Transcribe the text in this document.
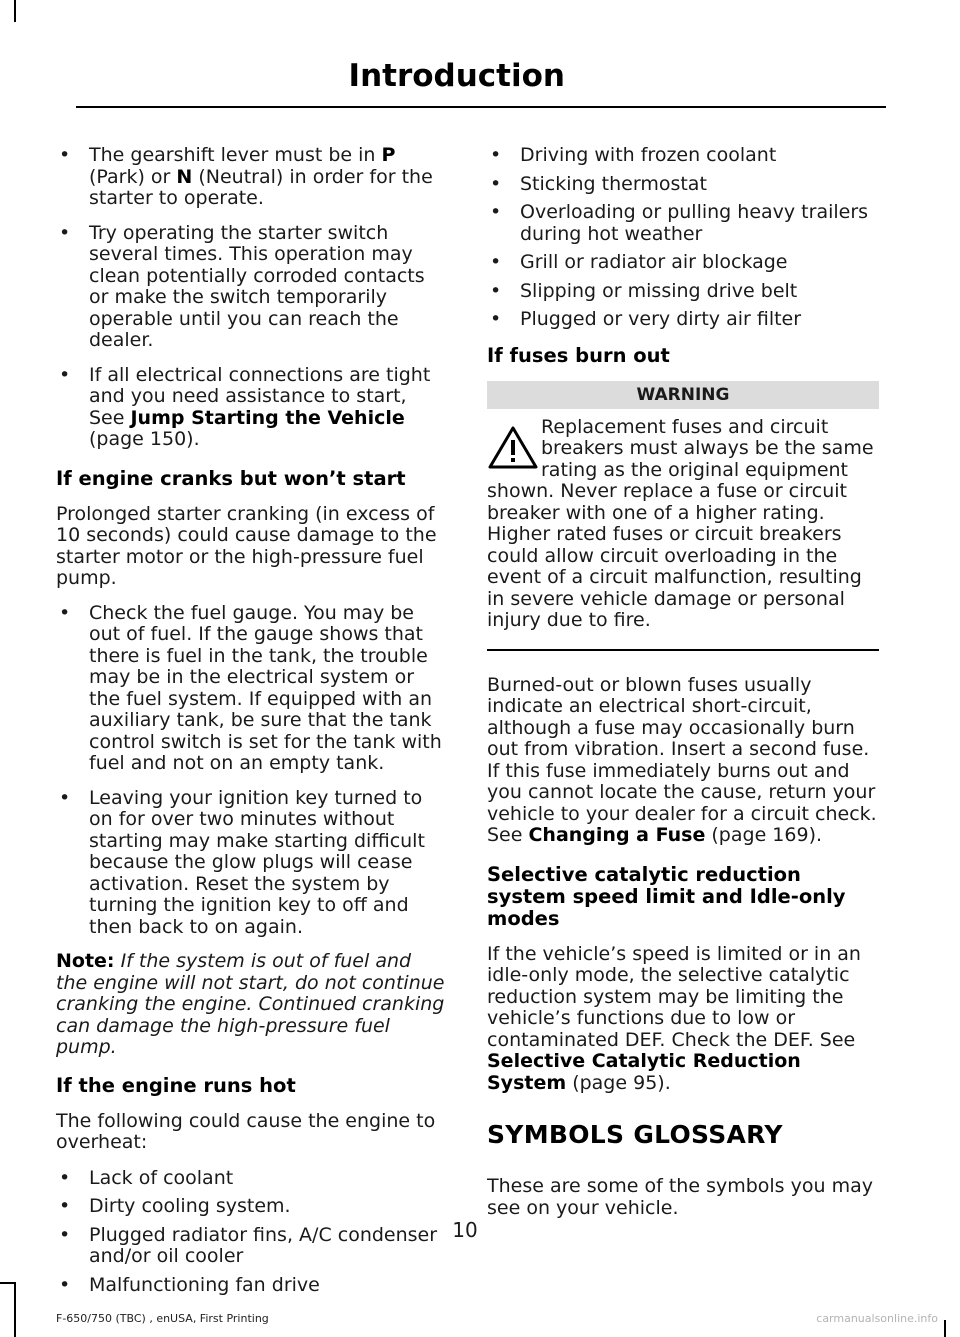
Introduction
• The gearshift lever must be in P (Park) or N (Neutral) in order for the starter to operate.
• Try operating the starter switch several times. This operation may clean potentially corroded contacts or make the switch temporarily operable until you can reach the dealer.
• If all electrical connections are tight and you need assistance to start, See Jump Starting the Vehicle (page 150).
If engine cranks but won’t start

Prolonged starter cranking (in excess of 10 seconds) could cause damage to the starter motor or the high-pressure fuel pump.

• Check the fuel gauge. You may be out of fuel. If the gauge shows that there is fuel in the tank, the trouble may be in the electrical system or the fuel system. If equipped with an auxiliary tank, be sure that the tank control switch is set for the tank with fuel and not on an empty tank.
• Leaving your ignition key turned to on for over two minutes without starting may make starting difficult because the glow plugs will cease activation. Reset the system by turning the ignition key to off and then back to on again.

Note: If the system is out of fuel and the engine will not start, do not continue cranking the engine. Continued cranking can damage the high-pressure fuel pump.

If the engine runs hot

The following could cause the engine to overheat:

• Lack of coolant
• Dirty cooling system.
• Plugged radiator fins, A/C condenser and/or oil cooler
• Malfunctioning fan drive
• Driving with frozen coolant
• Sticking thermostat
• Overloading or pulling heavy trailers during hot weather
• Grill or radiator air blockage
• Slipping or missing drive belt
• Plugged or very dirty air filter
If fuses burn out
WARNING
Replacement fuses and circuit breakers must always be the same rating as the original equipment shown. Never replace a fuse or circuit breaker with one of a higher rating. Higher rated fuses or circuit breakers could allow circuit overloading in the event of a circuit malfunction, resulting in severe vehicle damage or personal injury due to fire.

Burned-out or blown fuses usually indicate an electrical short-circuit, although a fuse may occasionally burn out from vibration. Insert a second fuse. If this fuse immediately burns out and you cannot locate the cause, return your vehicle to your dealer for a circuit check. See Changing a Fuse (page 169).

Selective catalytic reduction system speed limit and Idle-only modes

If the vehicle’s speed is limited or in an idle-only mode, the selective catalytic reduction system may be limiting the vehicle’s functions due to low or contaminated DEF. Check the DEF. See Selective Catalytic Reduction System (page 95).

SYMBOLS GLOSSARY

These are some of the symbols you may see on your vehicle.

10
F-650/750 (TBC) , enUSA, First Printing	carmanualsonline.info
